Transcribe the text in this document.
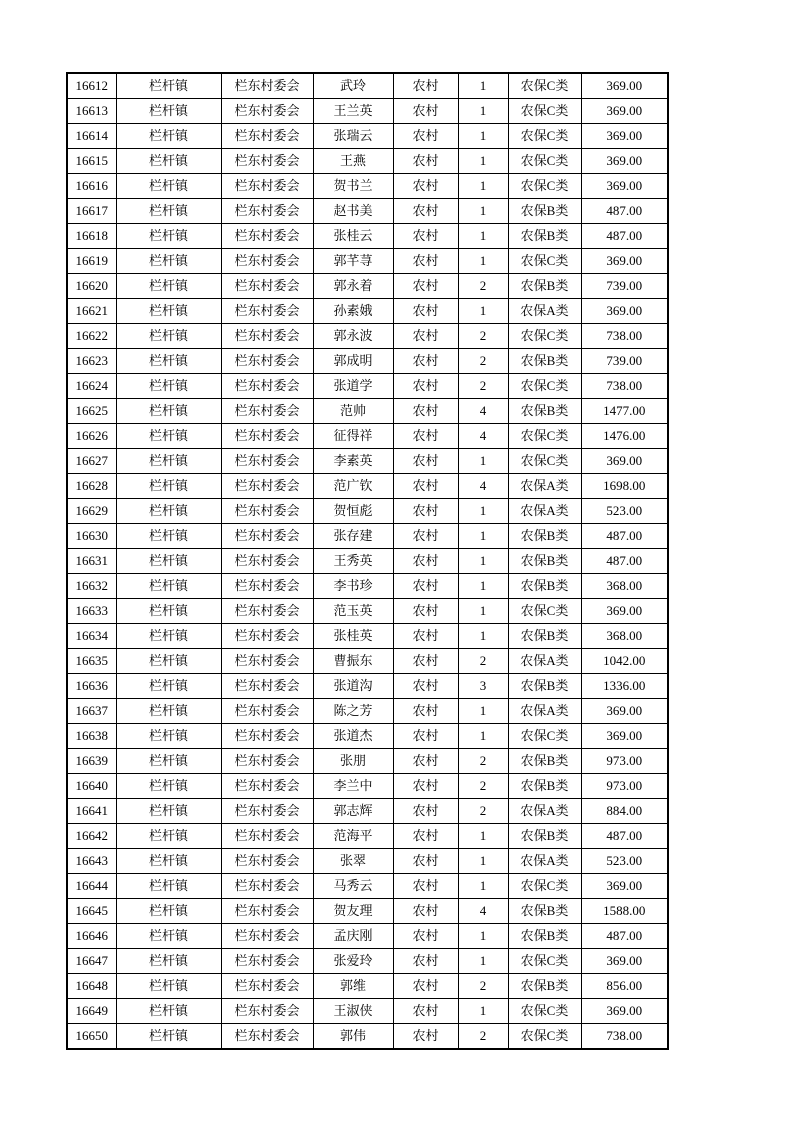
16612	栏杆镇	栏东村委会	武玲	农村	1	农保C类	369.00
16613	栏杆镇	栏东村委会	王兰英	农村	1	农保C类	369.00
16614	栏杆镇	栏东村委会	张瑞云	农村	1	农保C类	369.00
16615	栏杆镇	栏东村委会	王燕	农村	1	农保C类	369.00
16616	栏杆镇	栏东村委会	贺书兰	农村	1	农保C类	369.00
16617	栏杆镇	栏东村委会	赵书美	农村	1	农保B类	487.00
16618	栏杆镇	栏东村委会	张桂云	农村	1	农保B类	487.00
16619	栏杆镇	栏东村委会	郭芊荨	农村	1	农保C类	369.00
16620	栏杆镇	栏东村委会	郭永着	农村	2	农保B类	739.00
16621	栏杆镇	栏东村委会	孙素娥	农村	1	农保A类	369.00
16622	栏杆镇	栏东村委会	郭永波	农村	2	农保C类	738.00
16623	栏杆镇	栏东村委会	郭成明	农村	2	农保B类	739.00
16624	栏杆镇	栏东村委会	张道学	农村	2	农保C类	738.00
16625	栏杆镇	栏东村委会	范帅	农村	4	农保B类	1477.00
16626	栏杆镇	栏东村委会	征得祥	农村	4	农保C类	1476.00
16627	栏杆镇	栏东村委会	李素英	农村	1	农保C类	369.00
16628	栏杆镇	栏东村委会	范广钦	农村	4	农保A类	1698.00
16629	栏杆镇	栏东村委会	贺恒彪	农村	1	农保A类	523.00
16630	栏杆镇	栏东村委会	张存建	农村	1	农保B类	487.00
16631	栏杆镇	栏东村委会	王秀英	农村	1	农保B类	487.00
16632	栏杆镇	栏东村委会	李书珍	农村	1	农保B类	368.00
16633	栏杆镇	栏东村委会	范玉英	农村	1	农保C类	369.00
16634	栏杆镇	栏东村委会	张桂英	农村	1	农保B类	368.00
16635	栏杆镇	栏东村委会	曹振东	农村	2	农保A类	1042.00
16636	栏杆镇	栏东村委会	张道沟	农村	3	农保B类	1336.00
16637	栏杆镇	栏东村委会	陈之芳	农村	1	农保A类	369.00
16638	栏杆镇	栏东村委会	张道杰	农村	1	农保C类	369.00
16639	栏杆镇	栏东村委会	张朋	农村	2	农保B类	973.00
16640	栏杆镇	栏东村委会	李兰中	农村	2	农保B类	973.00
16641	栏杆镇	栏东村委会	郭志辉	农村	2	农保A类	884.00
16642	栏杆镇	栏东村委会	范海平	农村	1	农保B类	487.00
16643	栏杆镇	栏东村委会	张翠	农村	1	农保A类	523.00
16644	栏杆镇	栏东村委会	马秀云	农村	1	农保C类	369.00
16645	栏杆镇	栏东村委会	贺友理	农村	4	农保B类	1588.00
16646	栏杆镇	栏东村委会	孟庆刚	农村	1	农保B类	487.00
16647	栏杆镇	栏东村委会	张爱玲	农村	1	农保C类	369.00
16648	栏杆镇	栏东村委会	郭维	农村	2	农保B类	856.00
16649	栏杆镇	栏东村委会	王淑侠	农村	1	农保C类	369.00
16650	栏杆镇	栏东村委会	郭伟	农村	2	农保C类	738.00
